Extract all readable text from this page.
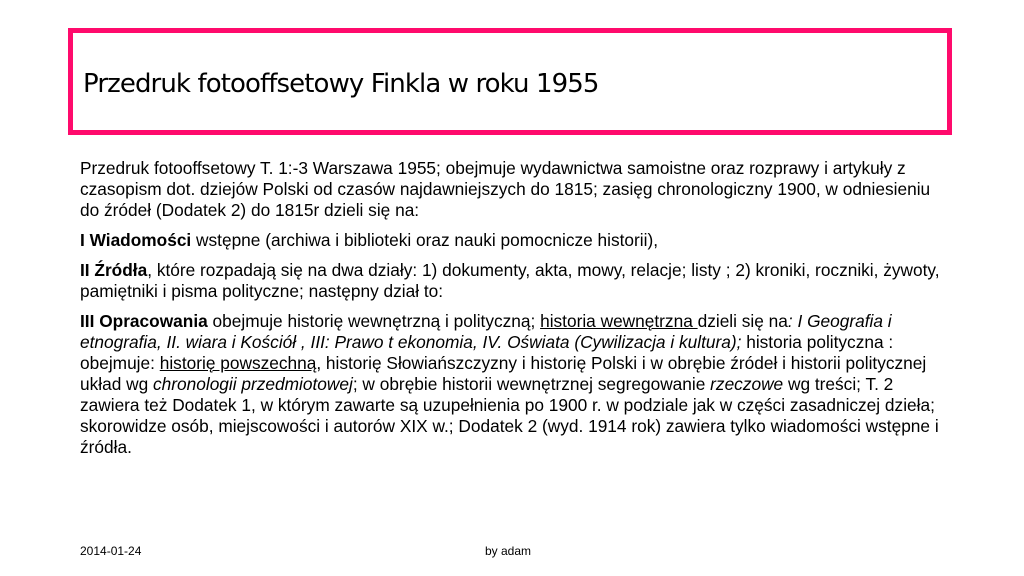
Przedruk fotooffsetowy Finkla w roku 1955

Przedruk fotooffsetowy T. 1:-3 Warszawa 1955; obejmuje wydawnictwa samoistne oraz rozprawy i artykuły z czasopism dot. dziejów Polski od czasów najdawniejszych do 1815; zasięg chronologiczny 1900, w odniesieniu do źródeł (Dodatek 2) do 1815r dzieli się na:

I Wiadomości wstępne (archiwa i biblioteki oraz nauki pomocnicze historii),

II Źródła, które rozpadają się na dwa działy: 1) dokumenty, akta, mowy, relacje; listy ; 2) kroniki, roczniki, żywoty, pamiętniki i pisma polityczne; następny dział to:

III Opracowania obejmuje historię wewnętrzną i polityczną; historia wewnętrzna dzieli się na: I Geografia i etnografia, II. wiara i Kościół , III: Prawo t ekonomia, IV. Oświata (Cywilizacja i kultura); historia polityczna : obejmuje: historię powszechną, historię Słowiańszczyzny i historię Polski i w obrębie źródeł i historii politycznej układ wg chronologii przedmiotowej; w obrębie historii wewnętrznej segregowanie rzeczowe wg treści; T. 2 zawiera też Dodatek 1, w którym zawarte są uzupełnienia po 1900 r. w podziale jak w części zasadniczej dzieła; skorowidze osób, miejscowości i autorów XIX w.; Dodatek 2 (wyd. 1914 rok) zawiera tylko wiadomości wstępne i źródła.

2014-01-24	by adam
